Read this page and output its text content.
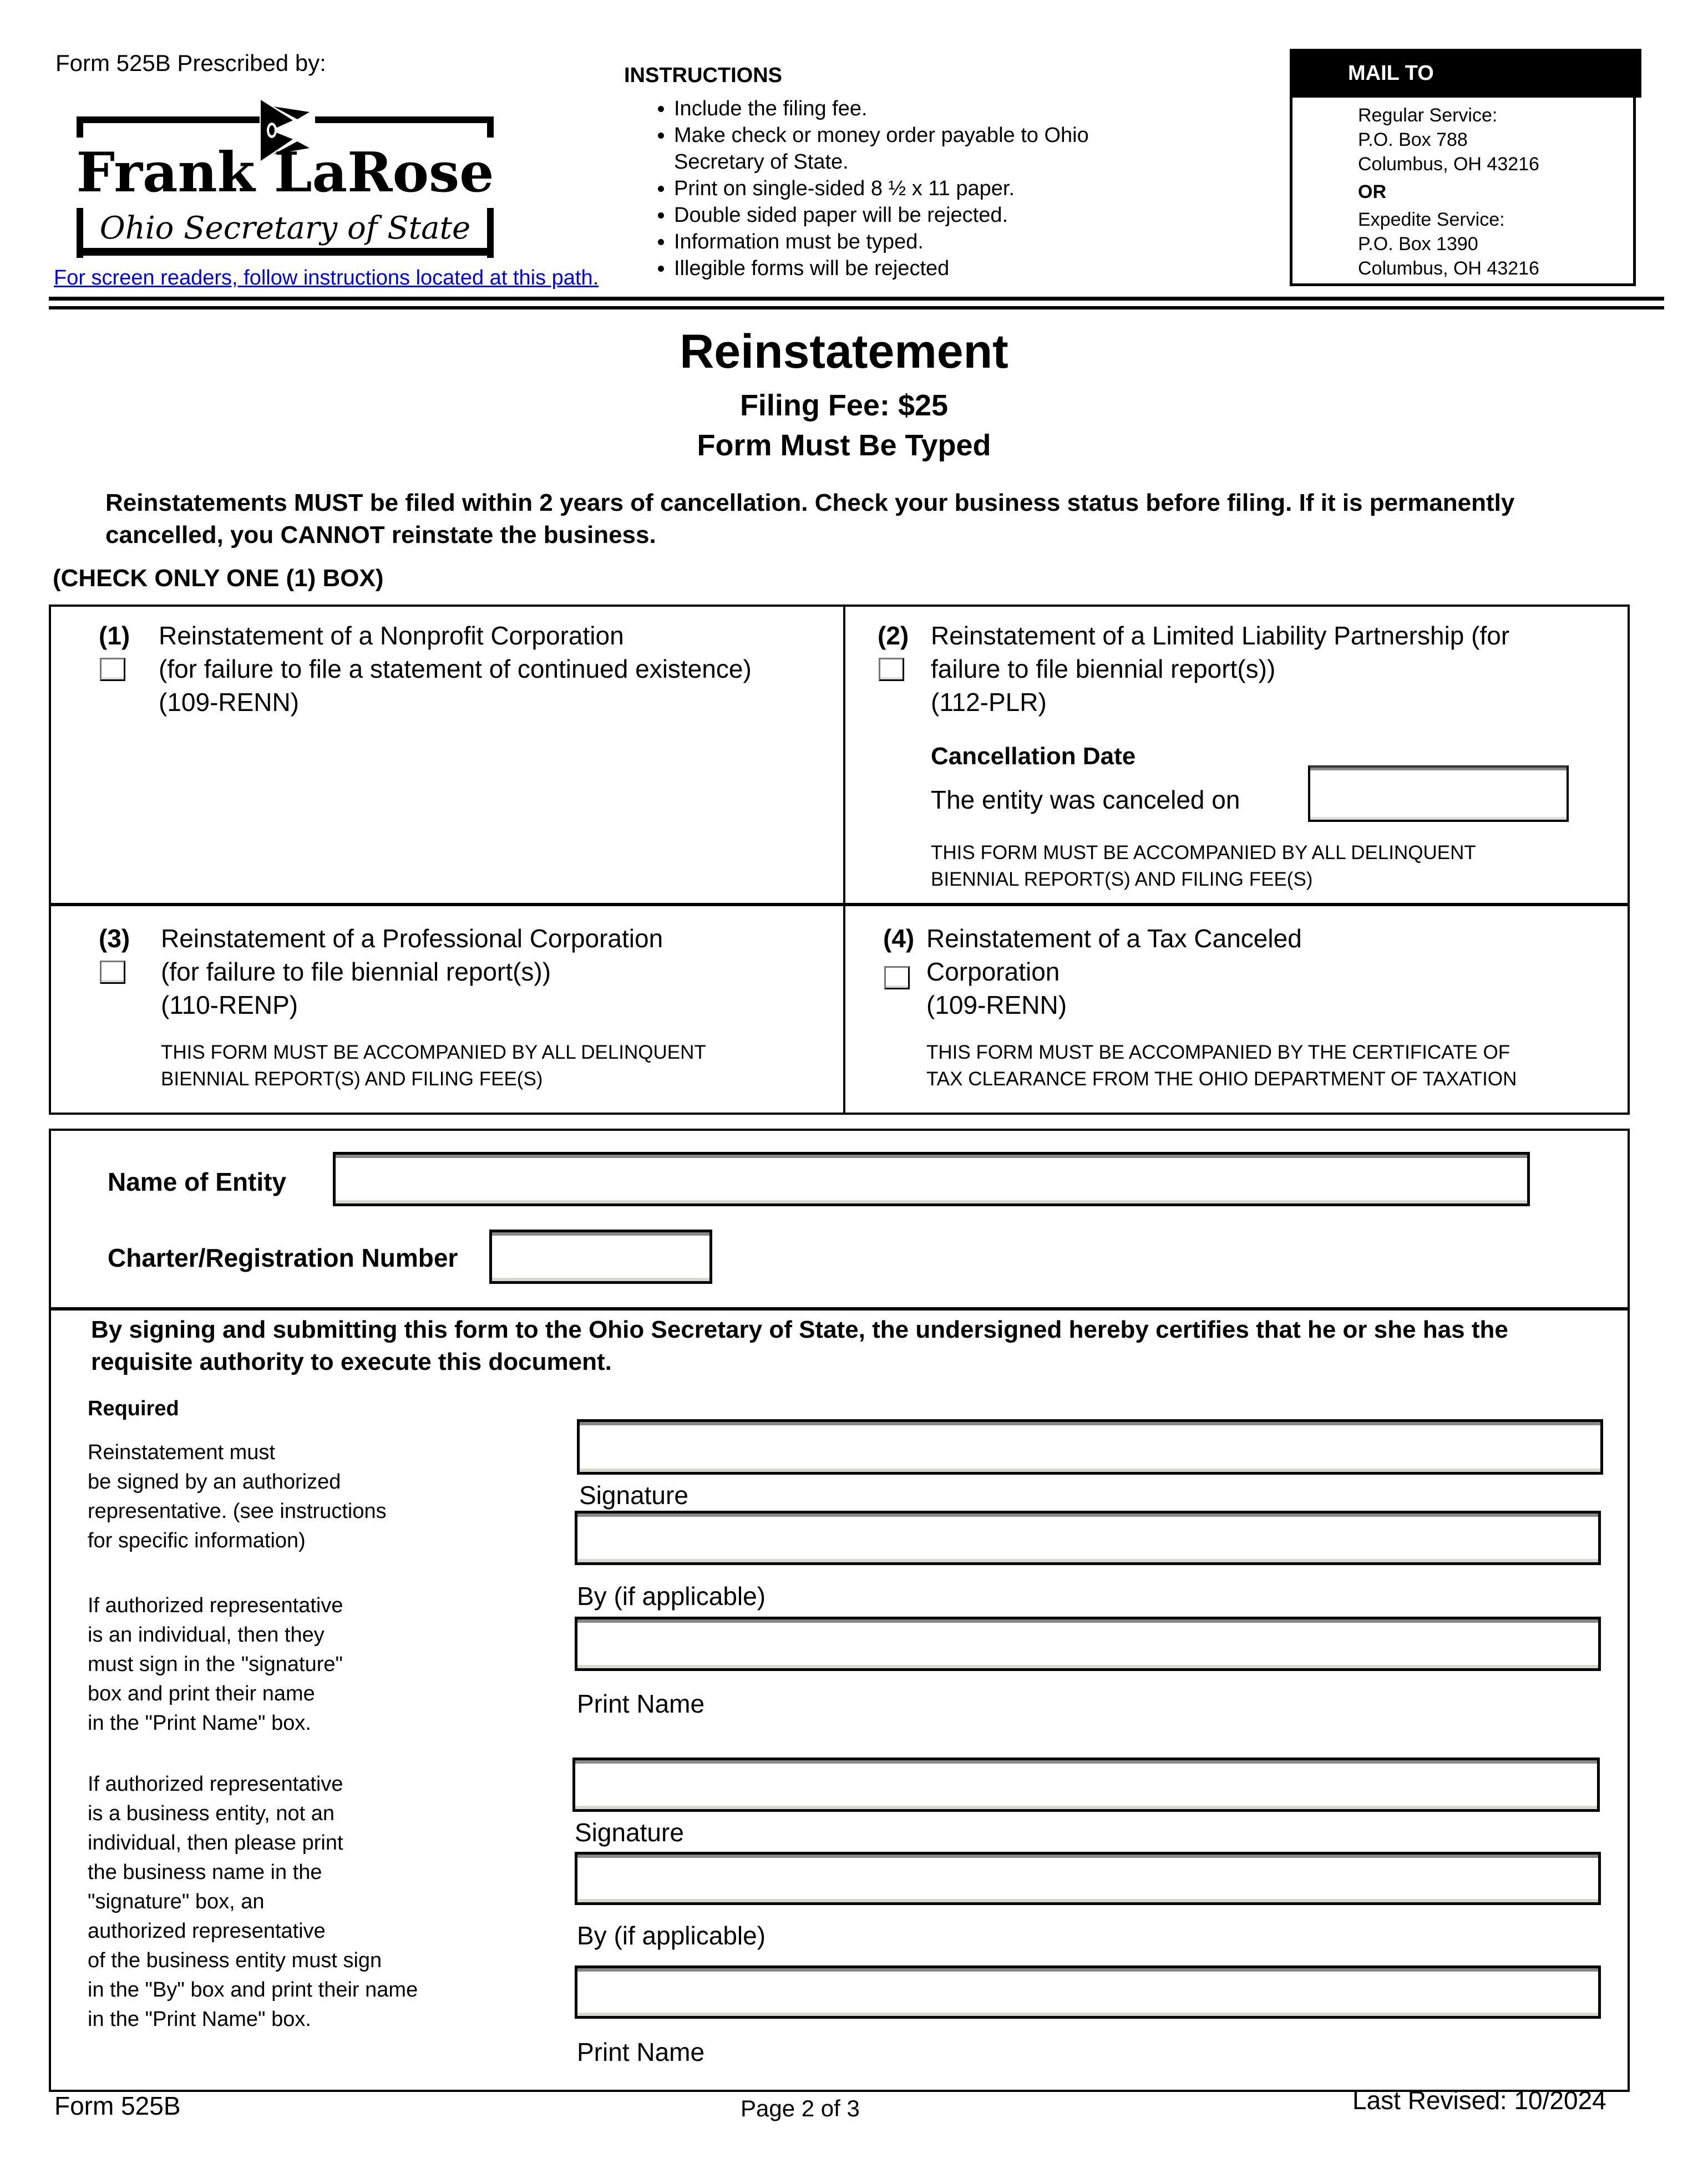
Form 525B Prescribed by:
Frank LaRose
Ohio Secretary of State
For screen readers, follow instructions located at this path.
INSTRUCTIONS
• Include the filing fee.
• Make check or money order payable to Ohio Secretary of State.
• Print on single-sided 8 ½ x 11 paper.
• Double sided paper will be rejected.
• Information must be typed.
• Illegible forms will be rejected
MAIL TO
Regular Service:
P.O. Box 788
Columbus, OH 43216
OR
Expedite Service:
P.O. Box 1390
Columbus, OH 43216
Reinstatement
Filing Fee: $25
Form Must Be Typed
Reinstatements MUST be filed within 2 years of cancellation. Check your business status before filing. If it is permanently cancelled, you CANNOT reinstate the business.
(CHECK ONLY ONE (1) BOX)
(1) Reinstatement of a Nonprofit Corporation
(for failure to file a statement of continued existence)
(109-RENN)
(2) Reinstatement of a Limited Liability Partnership (for
failure to file biennial report(s))
(112-PLR)
Cancellation Date
The entity was canceled on
THIS FORM MUST BE ACCOMPANIED BY ALL DELINQUENT
BIENNIAL REPORT(S) AND FILING FEE(S)
(3) Reinstatement of a Professional Corporation
(for failure to file biennial report(s))
(110-RENP)
THIS FORM MUST BE ACCOMPANIED BY ALL DELINQUENT
BIENNIAL REPORT(S) AND FILING FEE(S)
(4) Reinstatement of a Tax Canceled
Corporation
(109-RENN)
THIS FORM MUST BE ACCOMPANIED BY THE CERTIFICATE OF
TAX CLEARANCE FROM THE OHIO DEPARTMENT OF TAXATION
Name of Entity
Charter/Registration Number
By signing and submitting this form to the Ohio Secretary of State, the undersigned hereby certifies that he or she has the requisite authority to execute this document.
Required
Reinstatement must
be signed by an authorized
representative. (see instructions
for specific information)
If authorized representative
is an individual, then they
must sign in the "signature"
box and print their name
in the "Print Name" box.
If authorized representative
is a business entity, not an
individual, then please print
the business name in the
"signature" box, an
authorized representative
of the business entity must sign
in the "By" box and print their name
in the "Print Name" box.
Signature
By (if applicable)
Print Name
Signature
By (if applicable)
Print Name
Form 525B	Page 2 of 3	Last Revised: 10/2024
